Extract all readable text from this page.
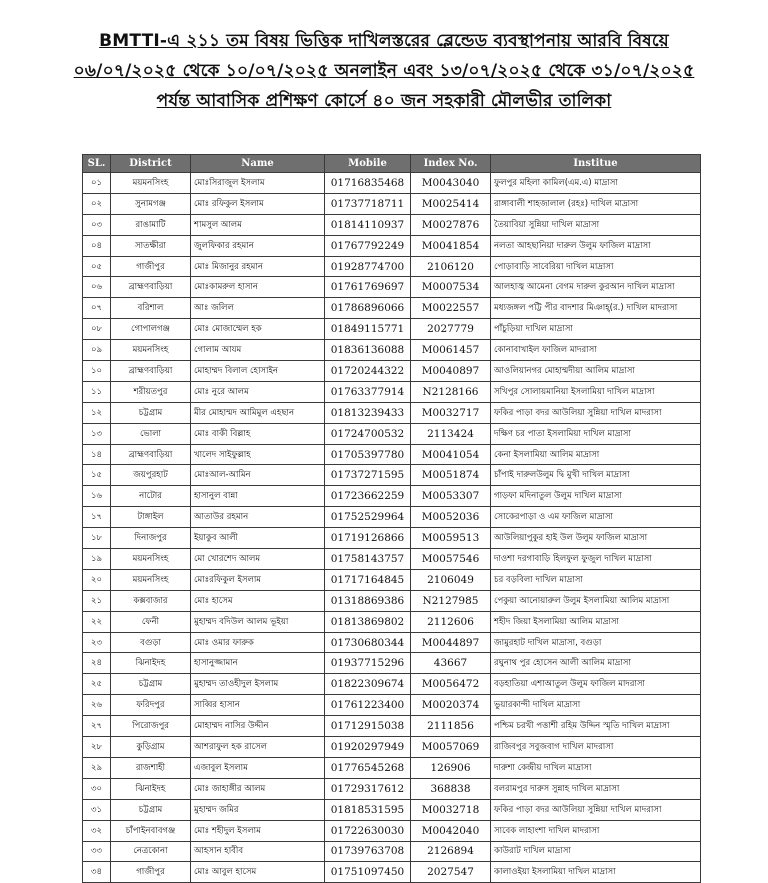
BMTTI-এ ২১১ তম বিষয় ভিত্তিক দাখিলস্তরের ব্লেন্ডেড ব্যবস্থাপনায় আরবি বিষয়ে
০৬/০৭/২০২৫ থেকে ১০/০৭/২০২৫ অনলাইন এবং ১৩/০৭/২০২৫ থেকে ৩১/০৭/২০২৫
পর্যন্ত আবাসিক প্রশিক্ষণ কোর্সে ৪০ জন সহকারী মৌলভীর তালিকা
SL.	District	Name	Mobile	Index No.	Institue
০১	ময়মনসিংহ	মোঃসিরাজুল ইসলাম	01716835468	M0043040	ফুলপুর মহিলা কামিল(এম.এ) মাদ্রাসা
০২	সুনামগঞ্জ	মোঃ রফিকুল ইসলাম	01737718711	M0025414	রাঙ্গাবালী শাহজালাল (রহঃ) দাখিল মাদ্রাসা
০৩	রাঙামাটি	শামসুল আলম	01814110937	M0027876	তৈয়াবিয়া সুন্নিয়া দাখিল মাদ্রাসা
০৪	সাতক্ষীরা	জুলফিকার রহমান	01767792249	M0041854	নলতা আহছানিয়া দারুল উলুম ফাজিল মাদ্রাসা
০৫	গাজীপুর	মোঃ মিজানুর রহমান	01928774700	2106120	পোড়াবাড়ি সাবেরিয়া দাখিল মাদ্রাসা
০৬	ব্রাহ্মণবাড়িয়া	মোঃকামরুল হাসান	01761769697	M0007534	আলহাজ্ব আমেনা বেগম দারুল কুরআন দাখিল মাদ্রাসা
০৭	বরিশাল	আঃ জলিল	01786896066	M0022557	মধ্যজঙ্গল পট্টি পীর বাদশার মিঞাহ্(র.) দাখিল মাদরাসা
০৮	গোপালগঞ্জ	মোঃ মোজাম্মেল হক	01849115771	2027779	পাঁচুড়িয়া দাখিল মাদ্রাসা
০৯	ময়মনসিংহ	গোলাম আযম	01836136088	M0061457	কোনাবাখাইল ফাজিল মাদরাসা
১০	ব্রাহ্মণবাড়িয়া	মোহাম্মদ বিলাল হোসাইন	01720244322	M0040897	আওলিয়ানগর মোহাম্মদীয়া আলিম মাদ্রাসা
১১	শরীয়তপুর	মোঃ নুরে আলম	01763377914	N2128166	সখিপুর সোলায়মানিয়া ইসলামিয়া দাখিল মাদ্রাসা
১২	চট্টগ্রাম	মীর মোহাম্মদ আমিমুল এহছান	01813239433	M0032717	ফকির পাড়া বদর আউলিয়া সুন্নিয়া দাখিল মাদরাসা
১৩	ভোলা	মোঃ বাকী বিল্লাহ	01724700532	2113424	দক্ষিণ চর পাতা ইসলামিয়া দাখিল মাদ্রাসা
১৪	ব্রাহ্মণবাড়িয়া	খালেদ সাইফুল্লাহ	01705397780	M0041054	কেনা ইসলামিয়া আলিম মাদ্রাসা
১৫	জয়পুরহাট	মোঃআল-আমিন	01737271595	M0051874	চাঁপাই দারুলউলুম দ্বি মুখী দাখিল মাদ্রাসা
১৬	নাটোর	হাসানুল বান্না	01723662259	M0053307	গাড়ফা মদিনাতুল উলুম দাখিল মাদ্রাসা
১৭	টাঙ্গাইল	আতাউর রহমান	01752529964	M0052036	সোকেরপাড়া ও এম ফাজিল মাদ্রাসা
১৮	দিনাজপুর	ইয়াকুব আলী	01719126866	M0059513	আউলিয়াপুকুর হাই উল উলুম ফাজিল মাদ্রাসা
১৯	ময়মনসিংহ	মো খোরশেদ আলম	01758143757	M0057546	দাওশা দরগাবাড়ি হিলফুল ফুজুল দাখিল মাদ্রাসা
২০	ময়মনসিংহ	মোঃরফিকুল ইসলাম	01717164845	2106049	চর বড়বিলা দাখিল মাদ্রাসা
২১	কক্সবাজার	মোঃ হাসেম	01318869386	N2127985	পেকুয়া আনোয়ারুল উলুম ইসলামিয়া আলিম মাদ্রাসা
২২	ফেনী	মুহাম্মদ বদিউল আলম ভূইয়া	01813869802	2112606	শহীদ জিয়া ইসলামিয়া আলিম মাদ্রাসা
২৩	বগুড়া	মোঃ ওমার ফারুক	01730680344	M0044897	জামুরহাট দাখিল মাদ্রাসা, বগুড়া
২৪	ঝিনাইদহ	হাসানুজ্জামান	01937715296	43667	রঘুনাথ পুর হোসেন আলী আলিম মাদ্রাসা
২৫	চট্টগ্রাম	মুহাম্মদ তাওহীদুল ইসলাম	01822309674	M0056472	বড়হাতিয়া এশাআতুল উলুম ফাজিল মাদরাসা
২৬	ফরিদপুর	সাব্বির হাসান	01761223400	M0020374	ভুয়ারকান্দী দাখিল মাদ্রাসা
২৭	পিরোজপুর	মোহাম্মদ নাসির উদ্দীন	01712915038	2111856	পশ্চিম চরখী পত্তাশী রহিম উদ্দিন স্মৃতি দাখিল মাদ্রাসা
২৮	কুড়িগ্রাম	আশরাফুল হক রাসেল	01920297949	M0057069	রাজিবপুর সবুজবাগ দাখিল মাদরাসা
২৯	রাজশাহী	এজাবুল ইসলাম	01776545268	126906	দারুশা কেন্দ্রীয় দাখিল মাদ্রাসা
৩০	ঝিনাইদহ	মোঃ জাহাঙ্গীর আলম	01729317612	368838	বলরামপুর দারুস সুন্নাহ দাখিল মাদ্রাসা
৩১	চট্টগ্রাম	মুহাম্মদ জমির	01818531595	M0032718	ফকির পাড়া বদর আউলিয়া সুন্নিয়া দাখিল মাদরাসা
৩২	চাঁপাইনবাবগঞ্জ	মোঃ শহীদুল ইসলাম	01722630030	M0042040	সাবেক লাহাংশা দাখিল মাদরাসা
৩৩	নেত্রকোনা	আহসান হাবীব	01739763708	2126894	কাউরাট দাখিল মাদ্রাসা
৩৪	গাজীপুর	মোঃ আবুল হাসেম	01751097450	2027547	কালাওইয়া ইসলামিয়া দাখিল মাদ্রাসা
